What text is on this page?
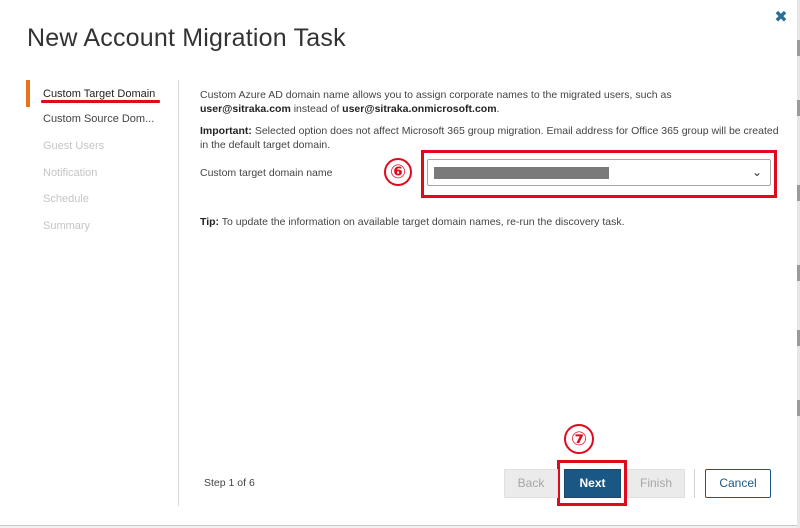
✖
New Account Migration Task
Custom Target Domain
Custom Source Dom...
Guest Users
Notification
Schedule
Summary

Custom Azure AD domain name allows you to assign corporate names to the migrated users, such as
user@sitraka.com instead of user@sitraka.onmicrosoft.com.

Important: Selected option does not affect Microsoft 365 group migration. Email address for Office 365 group will be created in the default target domain.

Custom target domain name	⑥	⌄
Tip: To update the information on available target domain names, re-run the discovery task.
Step 1 of 6
⑦
Back	Next	Finish	Cancel
